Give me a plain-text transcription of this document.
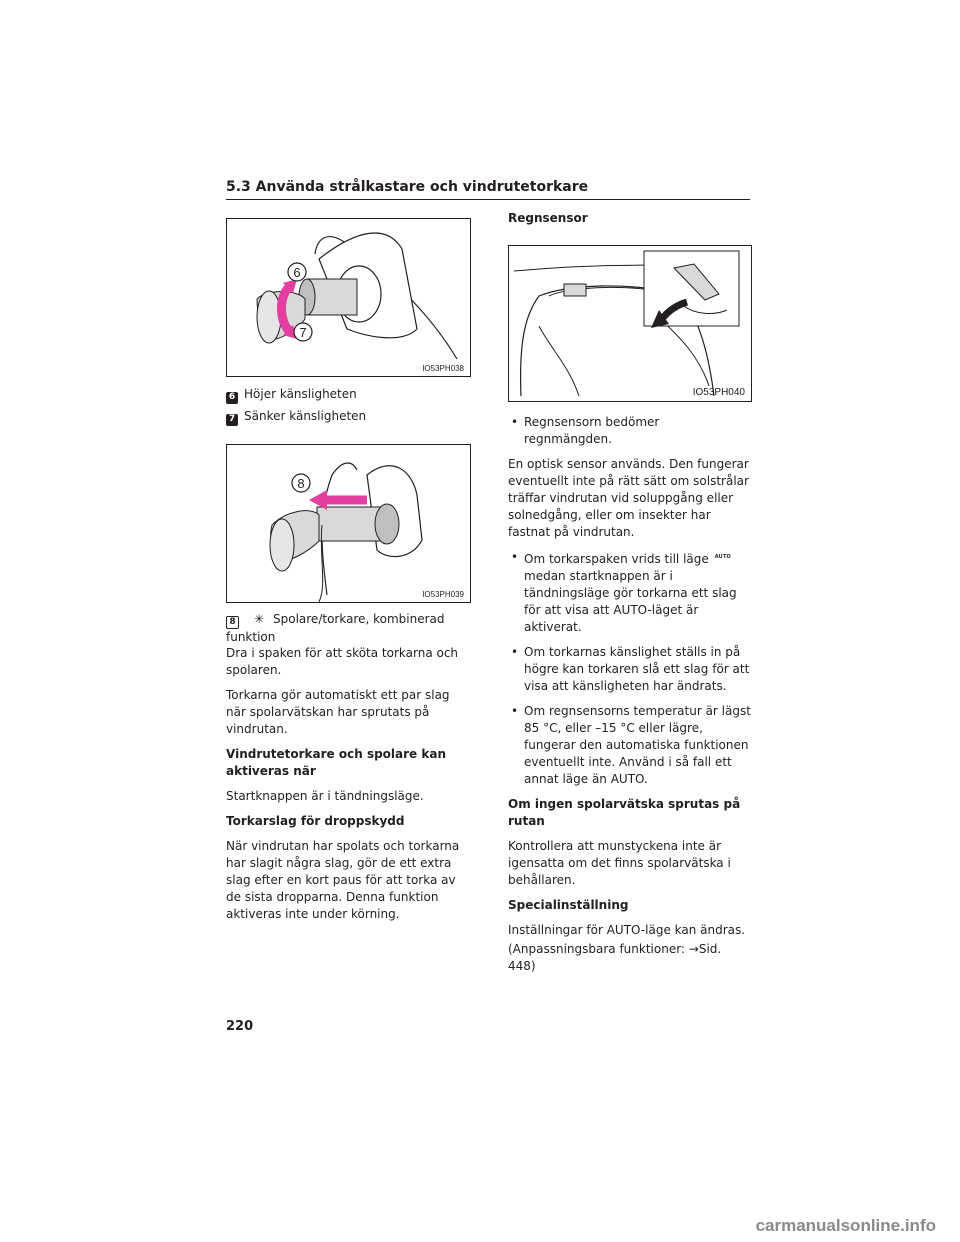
5.3 Använda strålkastare och vindrutetorkare
6
7
IO53PH038
6 Höjer känsligheten
7 Sänker känsligheten
8
IO53PH039
8 ✳ Spolare/torkare, kombinerad funktion

Dra i spaken för att sköta torkarna och spolaren.

Torkarna gör automatiskt ett par slag när spolarvätskan har sprutats på vindrutan.

Vindrutetorkare och spolare kan aktiveras när

Startknappen är i tändningsläge.

Torkarslag för droppskydd

När vindrutan har spolats och torkarna har slagit några slag, gör de ett extra slag efter en kort paus för att torka av de sista dropparna. Denna funktion aktiveras inte under körning.

Regnsensor

IO53PH040

• Regnsensorn bedömer regnmängden.

En optisk sensor används. Den fungerar eventuellt inte på rätt sätt om solstrålar träffar vindrutan vid soluppgång eller solnedgång, eller om insekter har fastnat på vindrutan.

• Om torkarspaken vrids till läge AUTO
medan startknappen är i tändningsläge gör torkarna ett slag för att visa att AUTO-läget är aktiverat.

• Om torkarnas känslighet ställs in på högre kan torkaren slå ett slag för att visa att känsligheten har ändrats.

• Om regnsensorns temperatur är lägst 85 °C, eller –15 °C eller lägre, fungerar den automatiska funktionen eventuellt inte. Använd i så fall ett annat läge än AUTO.

Om ingen spolarvätska sprutas på rutan

Kontrollera att munstyckena inte är igensatta om det finns spolarvätska i behållaren.

Specialinställning

Inställningar för AUTO-läge kan ändras.

(Anpassningsbara funktioner: →Sid. 448)

220
carmanualsonline.info
